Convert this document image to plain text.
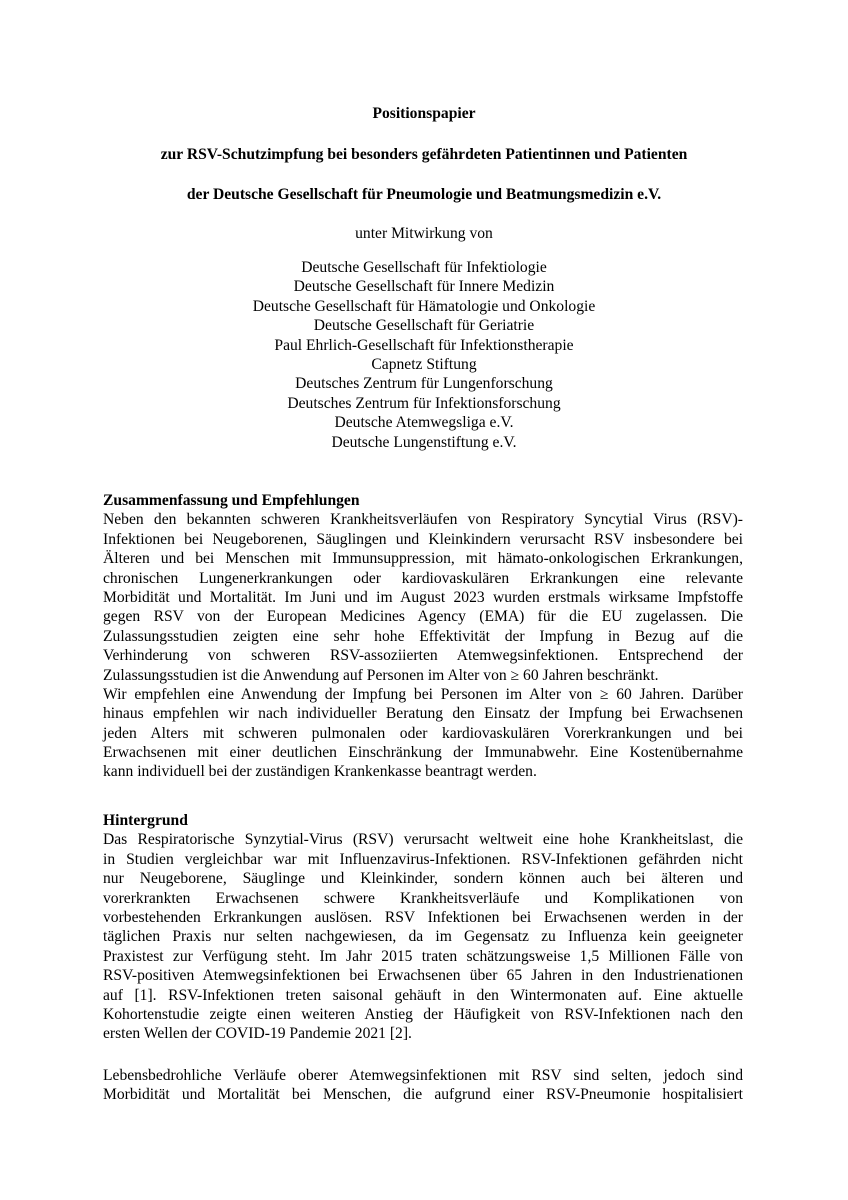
Positionspapier
zur RSV-Schutzimpfung bei besonders gefährdeten Patientinnen und Patienten
der Deutsche Gesellschaft für Pneumologie und Beatmungsmedizin e.V.
unter Mitwirkung von
Deutsche Gesellschaft für Infektiologie
Deutsche Gesellschaft für Innere Medizin
Deutsche Gesellschaft für Hämatologie und Onkologie
Deutsche Gesellschaft für Geriatrie
Paul Ehrlich-Gesellschaft für Infektionstherapie
Capnetz Stiftung
Deutsches Zentrum für Lungenforschung
Deutsches Zentrum für Infektionsforschung
Deutsche Atemwegsliga e.V.
Deutsche Lungenstiftung e.V.
Zusammenfassung und Empfehlungen
Neben den bekannten schweren Krankheitsverläufen von Respiratory Syncytial Virus (RSV)-
Infektionen bei Neugeborenen, Säuglingen und Kleinkindern verursacht RSV insbesondere bei
Älteren und bei Menschen mit Immunsuppression, mit hämato-onkologischen Erkrankungen,
chronischen Lungenerkrankungen oder kardiovaskulären Erkrankungen eine relevante
Morbidität und Mortalität. Im Juni und im August 2023 wurden erstmals wirksame Impfstoffe
gegen RSV von der European Medicines Agency (EMA) für die EU zugelassen. Die
Zulassungsstudien zeigten eine sehr hohe Effektivität der Impfung in Bezug auf die
Verhinderung von schweren RSV-assoziierten Atemwegsinfektionen. Entsprechend der
Zulassungsstudien ist die Anwendung auf Personen im Alter von ≥ 60 Jahren beschränkt.
Wir empfehlen eine Anwendung der Impfung bei Personen im Alter von ≥ 60 Jahren. Darüber
hinaus empfehlen wir nach individueller Beratung den Einsatz der Impfung bei Erwachsenen
jeden Alters mit schweren pulmonalen oder kardiovaskulären Vorerkrankungen und bei
Erwachsenen mit einer deutlichen Einschränkung der Immunabwehr. Eine Kostenübernahme
kann individuell bei der zuständigen Krankenkasse beantragt werden.
Hintergrund
Das Respiratorische Synzytial-Virus (RSV) verursacht weltweit eine hohe Krankheitslast, die
in Studien vergleichbar war mit Influenzavirus-Infektionen. RSV-Infektionen gefährden nicht
nur Neugeborene, Säuglinge und Kleinkinder, sondern können auch bei älteren und
vorerkrankten Erwachsenen schwere Krankheitsverläufe und Komplikationen von
vorbestehenden Erkrankungen auslösen. RSV Infektionen bei Erwachsenen werden in der
täglichen Praxis nur selten nachgewiesen, da im Gegensatz zu Influenza kein geeigneter
Praxistest zur Verfügung steht. Im Jahr 2015 traten schätzungsweise 1,5 Millionen Fälle von
RSV-positiven Atemwegsinfektionen bei Erwachsenen über 65 Jahren in den Industrienationen
auf [1]. RSV-Infektionen treten saisonal gehäuft in den Wintermonaten auf. Eine aktuelle
Kohortenstudie zeigte einen weiteren Anstieg der Häufigkeit von RSV-Infektionen nach den
ersten Wellen der COVID-19 Pandemie 2021 [2].
Lebensbedrohliche Verläufe oberer Atemwegsinfektionen mit RSV sind selten, jedoch sind
Morbidität und Mortalität bei Menschen, die aufgrund einer RSV-Pneumonie hospitalisiert
